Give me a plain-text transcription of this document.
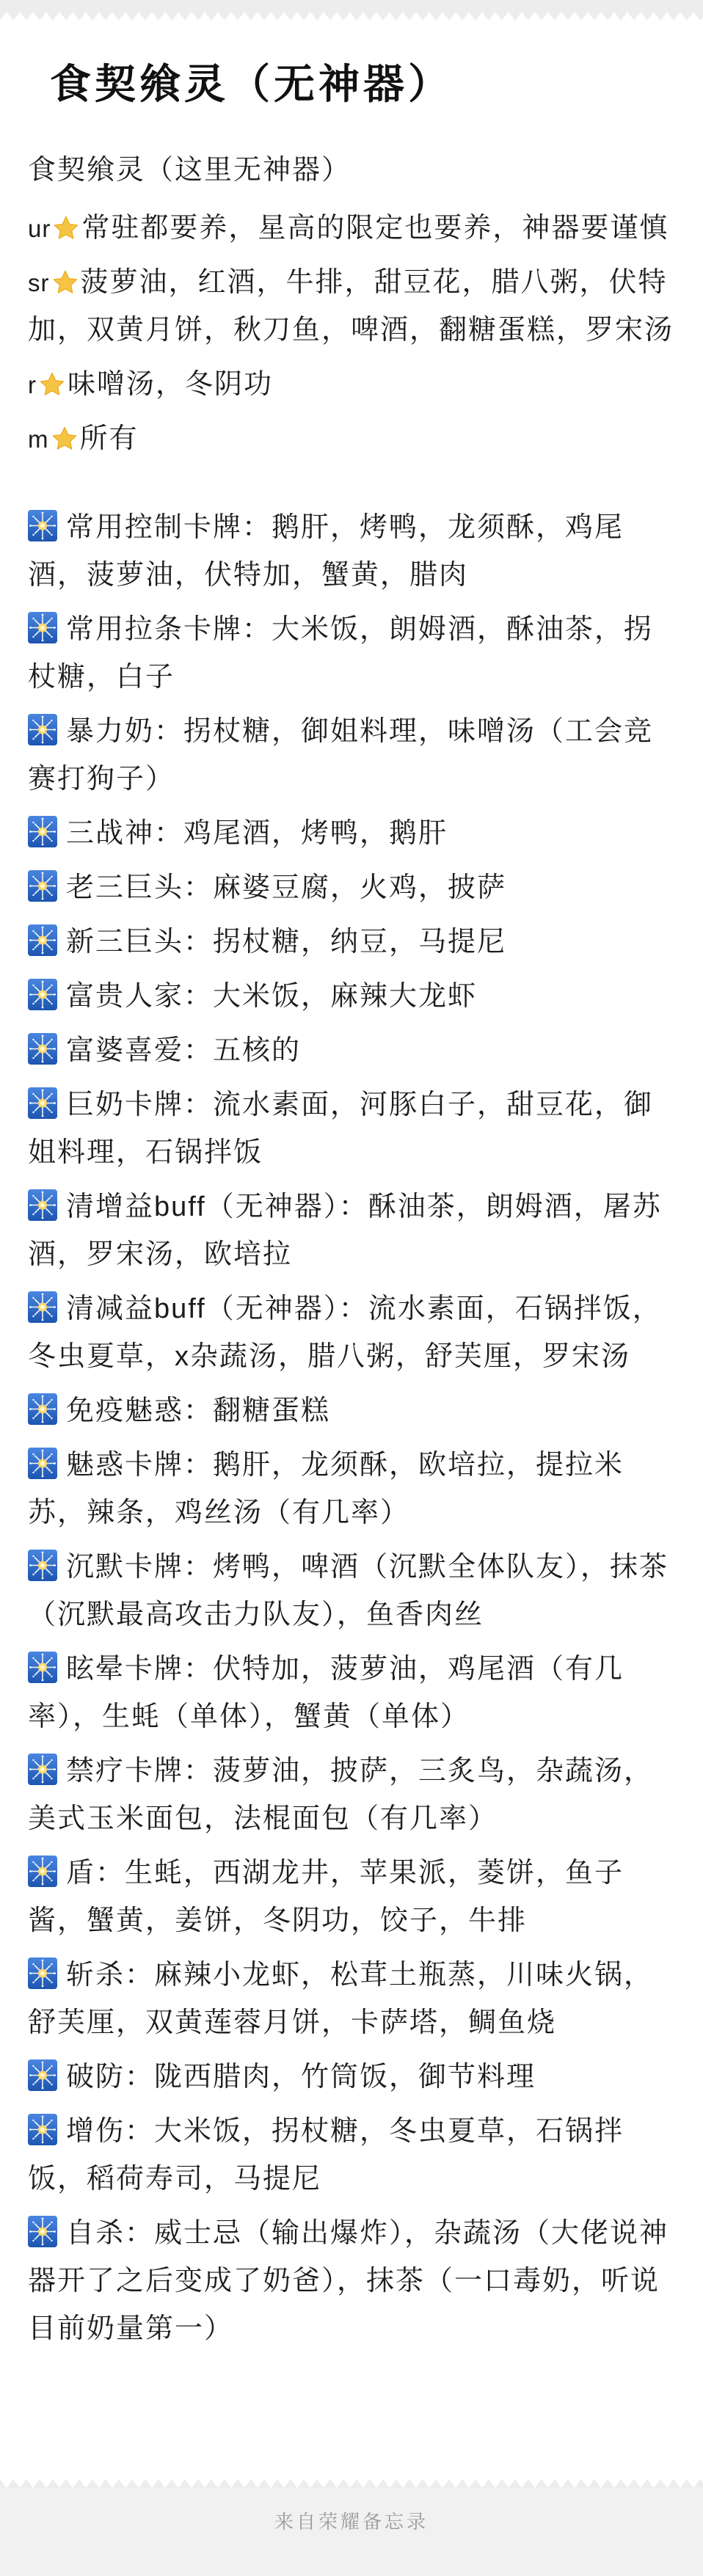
食契飨灵（无神器）

食契飨灵（这里无神器）

ur 常驻都要养，星高的限定也要养，神器要谨慎

sr 菠萝油，红酒，牛排，甜豆花，腊八粥，伏特加，双黄月饼，秋刀鱼，啤酒，翻糖蛋糕，罗宋汤

r 味噌汤，冬阴功

m 所有

常用控制卡牌：鹅肝，烤鸭，龙须酥，鸡尾酒，菠萝油，伏特加，蟹黄，腊肉

常用拉条卡牌：大米饭，朗姆酒，酥油茶，拐杖糖，白子

暴力奶：拐杖糖，御姐料理，味噌汤（工会竞赛打狗子）

三战神：鸡尾酒，烤鸭，鹅肝

老三巨头：麻婆豆腐，火鸡，披萨

新三巨头：拐杖糖，纳豆，马提尼

富贵人家：大米饭，麻辣大龙虾

富婆喜爱：五核的

巨奶卡牌：流水素面，河豚白子，甜豆花，御姐料理，石锅拌饭

清增益buff（无神器）：酥油茶，朗姆酒，屠苏酒，罗宋汤，欧培拉

清减益buff（无神器）：流水素面，石锅拌饭，冬虫夏草，x杂蔬汤，腊八粥，舒芙厘，罗宋汤

免疫魅惑：翻糖蛋糕

魅惑卡牌：鹅肝，龙须酥，欧培拉，提拉米苏，辣条，鸡丝汤（有几率）

沉默卡牌：烤鸭，啤酒（沉默全体队友），抹茶（沉默最高攻击力队友），鱼香肉丝

眩晕卡牌：伏特加，菠萝油，鸡尾酒（有几率），生蚝（单体），蟹黄（单体）

禁疗卡牌：菠萝油，披萨，三炙鸟，杂蔬汤，美式玉米面包，法棍面包（有几率）

盾：生蚝，西湖龙井，苹果派，菱饼，鱼子酱，蟹黄，姜饼，冬阴功，饺子，牛排

斩杀：麻辣小龙虾，松茸土瓶蒸，川味火锅，舒芙厘，双黄莲蓉月饼，卡萨塔，鲷鱼烧

破防：陇西腊肉，竹筒饭，御节料理

增伤：大米饭，拐杖糖，冬虫夏草，石锅拌饭，稻荷寿司，马提尼

自杀：威士忌（输出爆炸），杂蔬汤（大佬说神器开了之后变成了奶爸），抹茶（一口毒奶，听说目前奶量第一）

来自荣耀备忘录
